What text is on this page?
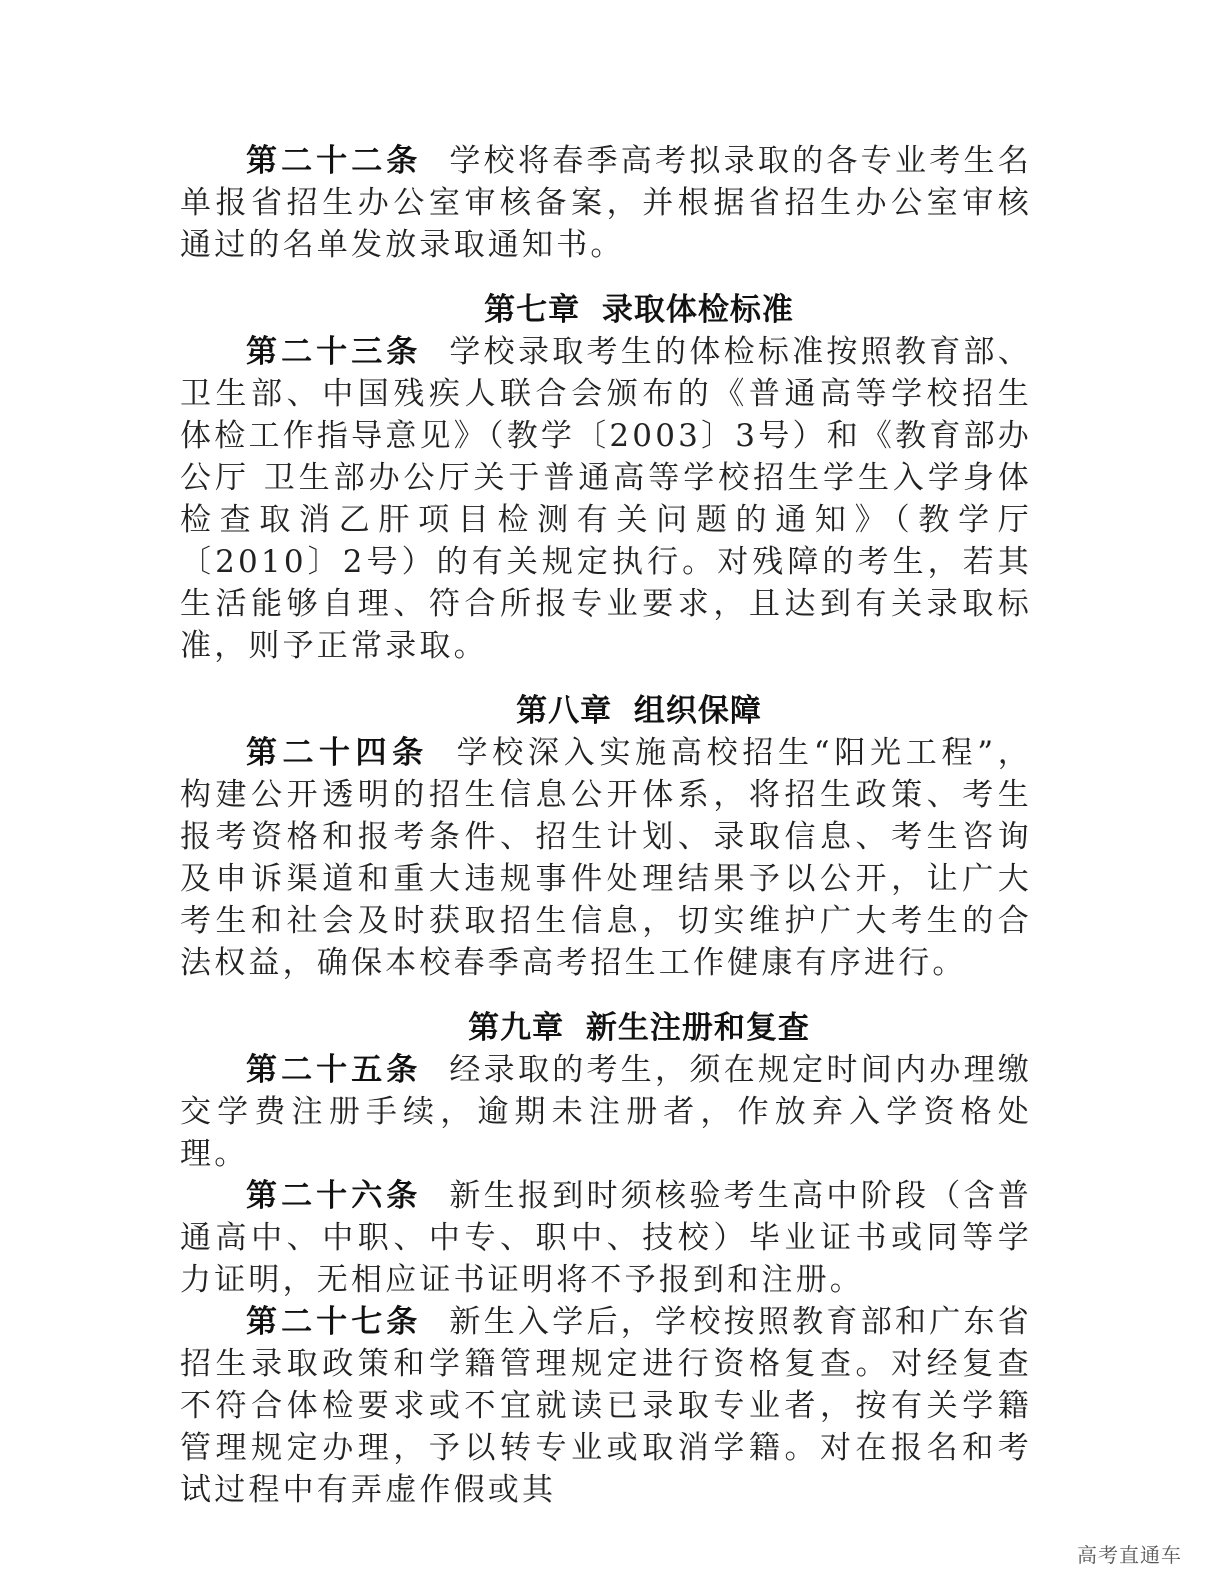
第二十二条 学校将春季高考拟录取的各专业考生名单报省招生办公室审核备案，并根据省招生办公室审核通过的名单发放录取通知书。

第七章 录取体检标准

第二十三条 学校录取考生的体检标准按照教育部、卫生部、中国残疾人联合会颁布的《普通高等学校招生体检工作指导意见》（教学〔2003〕3号）和《教育部办公厅 卫生部办公厅关于普通高等学校招生学生入学身体检查取消乙肝项目检测有关问题的通知》（教学厅〔2010〕2号）的有关规定执行。对残障的考生，若其生活能够自理、符合所报专业要求，且达到有关录取标准，则予正常录取。

第八章 组织保障

第二十四条 学校深入实施高校招生“阳光工程”，构建公开透明的招生信息公开体系，将招生政策、考生报考资格和报考条件、招生计划、录取信息、考生咨询及申诉渠道和重大违规事件处理结果予以公开，让广大考生和社会及时获取招生信息，切实维护广大考生的合法权益，确保本校春季高考招生工作健康有序进行。

第九章 新生注册和复查

第二十五条 经录取的考生，须在规定时间内办理缴交学费注册手续，逾期未注册者，作放弃入学资格处理。

第二十六条 新生报到时须核验考生高中阶段（含普通高中、中职、中专、职中、技校）毕业证书或同等学力证明，无相应证书证明将不予报到和注册。

第二十七条 新生入学后，学校按照教育部和广东省招生录取政策和学籍管理规定进行资格复查。对经复查不符合体检要求或不宜就读已录取专业者，按有关学籍管理规定办理，予以转专业或取消学籍。对在报名和考试过程中有弄虚作假或其

高考直通车
